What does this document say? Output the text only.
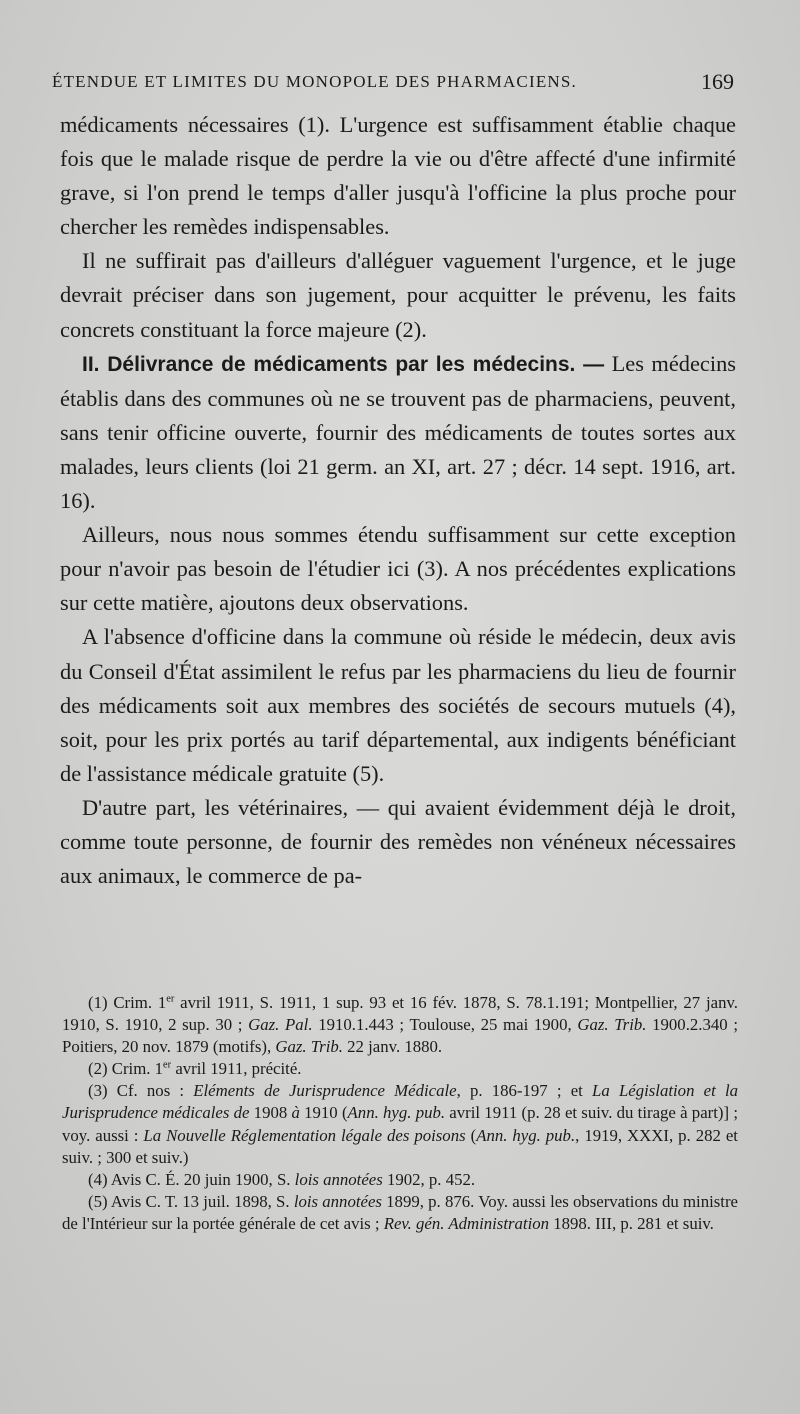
ÉTENDUE ET LIMITES DU MONOPOLE DES PHARMACIENS.	169

médicaments nécessaires (1). L'urgence est suffisamment établie chaque fois que le malade risque de perdre la vie ou d'être affecté d'une infirmité grave, si l'on prend le temps d'aller jusqu'à l'officine la plus proche pour chercher les remèdes indispensables.

Il ne suffirait pas d'ailleurs d'alléguer vaguement l'urgence, et le juge devrait préciser dans son jugement, pour acquitter le prévenu, les faits concrets constituant la force majeure (2).

II. Délivrance de médicaments par les médecins. — Les médecins établis dans des communes où ne se trouvent pas de pharmaciens, peuvent, sans tenir officine ouverte, fournir des médicaments de toutes sortes aux malades, leurs clients (loi 21 germ. an XI, art. 27 ; décr. 14 sept. 1916, art. 16).

Ailleurs, nous nous sommes étendu suffisamment sur cette exception pour n'avoir pas besoin de l'étudier ici (3). A nos précédentes explications sur cette matière, ajoutons deux observations.

A l'absence d'officine dans la commune où réside le médecin, deux avis du Conseil d'État assimilent le refus par les pharmaciens du lieu de fournir des médicaments soit aux membres des sociétés de secours mutuels (4), soit, pour les prix portés au tarif départemental, aux indigents bénéficiant de l'assistance médicale gratuite (5).

D'autre part, les vétérinaires, — qui avaient évidemment déjà le droit, comme toute personne, de fournir des remèdes non vénéneux nécessaires aux animaux, le commerce de pa-

(1) Crim. 1er avril 1911, S. 1911, 1 sup. 93 et 16 fév. 1878, S. 78.1.191; Montpellier, 27 janv. 1910, S. 1910, 2 sup. 30 ; Gaz. Pal. 1910.1.443 ; Toulouse, 25 mai 1900, Gaz. Trib. 1900.2.340 ; Poitiers, 20 nov. 1879 (motifs), Gaz. Trib. 22 janv. 1880.

(2) Crim. 1er avril 1911, précité.

(3) Cf. nos : Eléments de Jurisprudence Médicale, p. 186-197 ; et La Législation et la Jurisprudence médicales de 1908 à 1910 (Ann. hyg. pub. avril 1911 (p. 28 et suiv. du tirage à part)] ; voy. aussi : La Nouvelle Réglementation légale des poisons (Ann. hyg. pub., 1919, XXXI, p. 282 et suiv. ; 300 et suiv.)

(4) Avis C. É. 20 juin 1900, S. lois annotées 1902, p. 452.

(5) Avis C. T. 13 juil. 1898, S. lois annotées 1899, p. 876. Voy. aussi les observations du ministre de l'Intérieur sur la portée générale de cet avis ; Rev. gén. Administration 1898. III, p. 281 et suiv.
